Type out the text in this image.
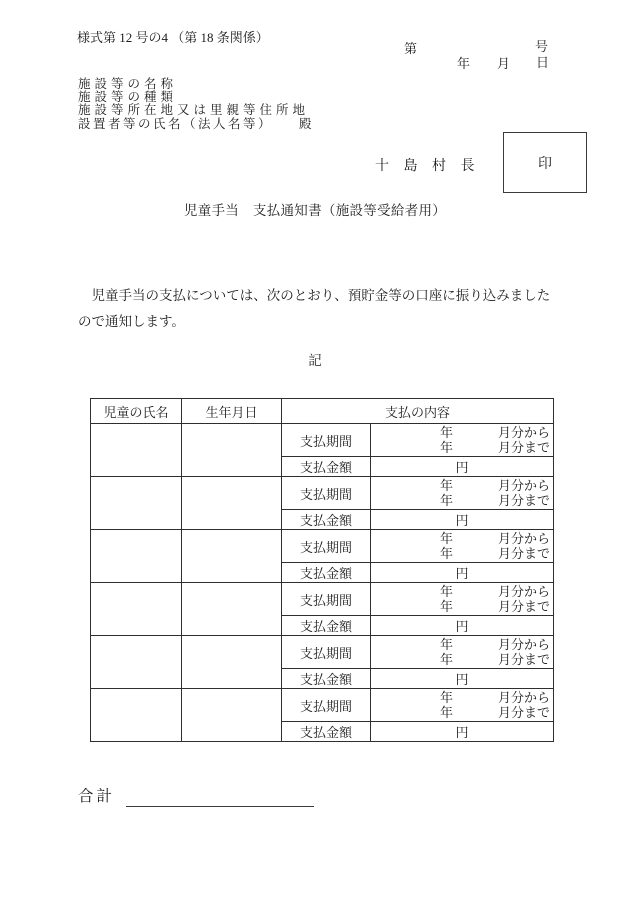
様式第 12 号の4 （第 18 条関係）
第	号
年 月 日
施設等の名称
施設等の種類
施設等所在地又は里親等住所地
設置者等の氏名（法人名等） 殿
十島村長	印
児童手当　支払通知書（施設等受給者用）
児童手当の支払については、次のとおり、預貯金等の口座に振り込みましたので通知します。
記
児童の氏名	生年月日	支払の内容	
		支払期間	年 月分から
年 月分まで

		支払金額	円
		支払期間	年 月分から
年 月分まで

		支払金額	円
		支払期間	年 月分から
年 月分まで

		支払金額	円
		支払期間	年 月分から
年 月分まで

		支払金額	円
		支払期間	年 月分から
年 月分まで

		支払金額	円
		支払期間	年 月分から
年 月分まで

		支払金額	円
合計
